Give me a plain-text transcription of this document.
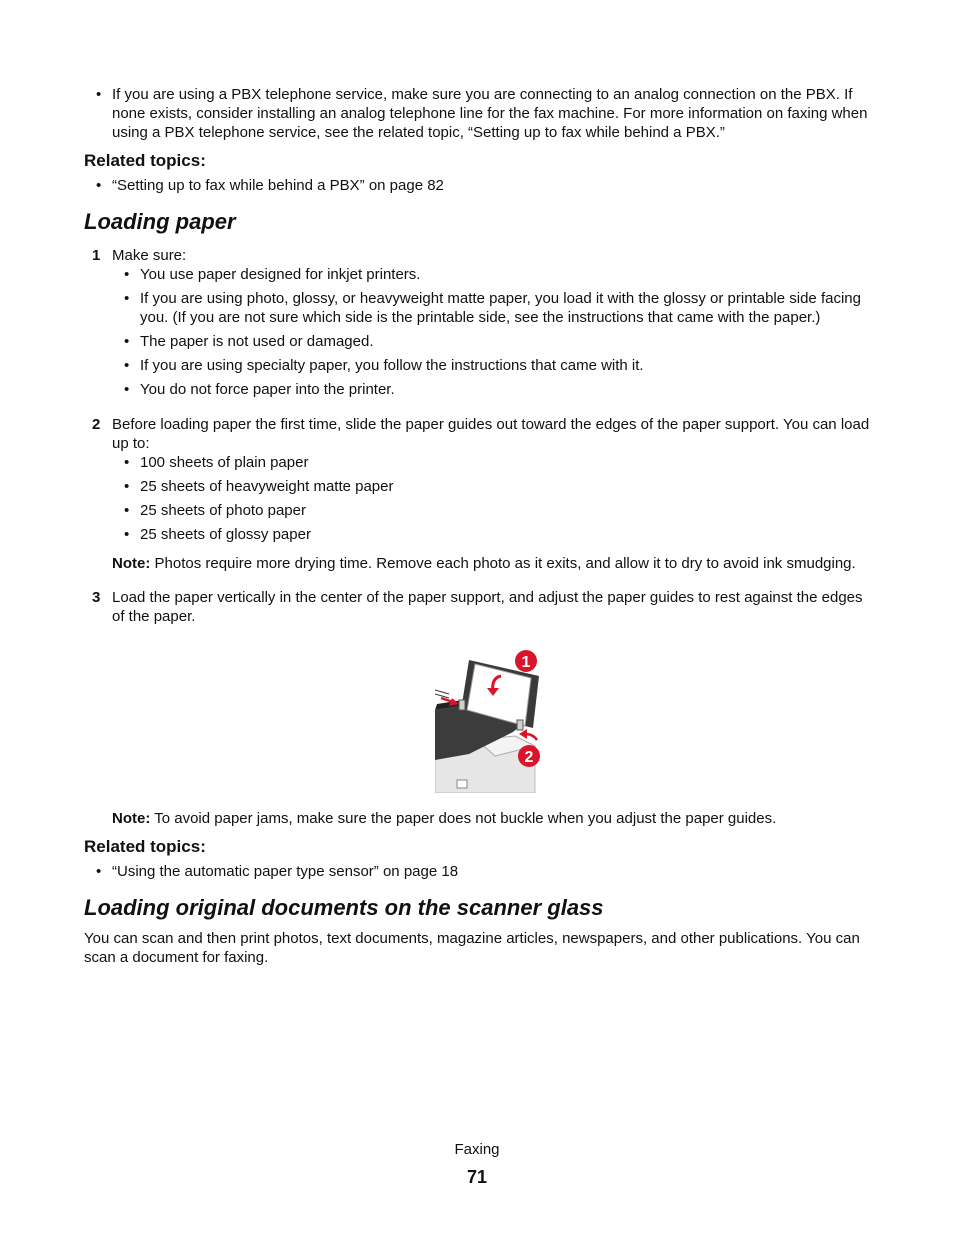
• If you are using a PBX telephone service, make sure you are connecting to an analog connection on the PBX. If none exists, consider installing an analog telephone line for the fax machine. For more information on faxing when using a PBX telephone service, see the related topic, “Setting up to fax while behind a PBX.”
Related topics:
• “Setting up to fax while behind a PBX” on page 82
Loading paper
1 Make sure:
• You use paper designed for inkjet printers.
• If you are using photo, glossy, or heavyweight matte paper, you load it with the glossy or printable side facing you. (If you are not sure which side is the printable side, see the instructions that came with the paper.)
• The paper is not used or damaged.
• If you are using specialty paper, you follow the instructions that came with it.
• You do not force paper into the printer.
2 Before loading paper the first time, slide the paper guides out toward the edges of the paper support. You can load up to:
• 100 sheets of plain paper
• 25 sheets of heavyweight matte paper
• 25 sheets of photo paper
• 25 sheets of glossy paper
Note: Photos require more drying time. Remove each photo as it exits, and allow it to dry to avoid ink smudging.
3 Load the paper vertically in the center of the paper support, and adjust the paper guides to rest against the edges of the paper.
1
2
Note: To avoid paper jams, make sure the paper does not buckle when you adjust the paper guides.
Related topics:
• “Using the automatic paper type sensor” on page 18
Loading original documents on the scanner glass
You can scan and then print photos, text documents, magazine articles, newspapers, and other publications. You can scan a document for faxing.
Faxing
71
